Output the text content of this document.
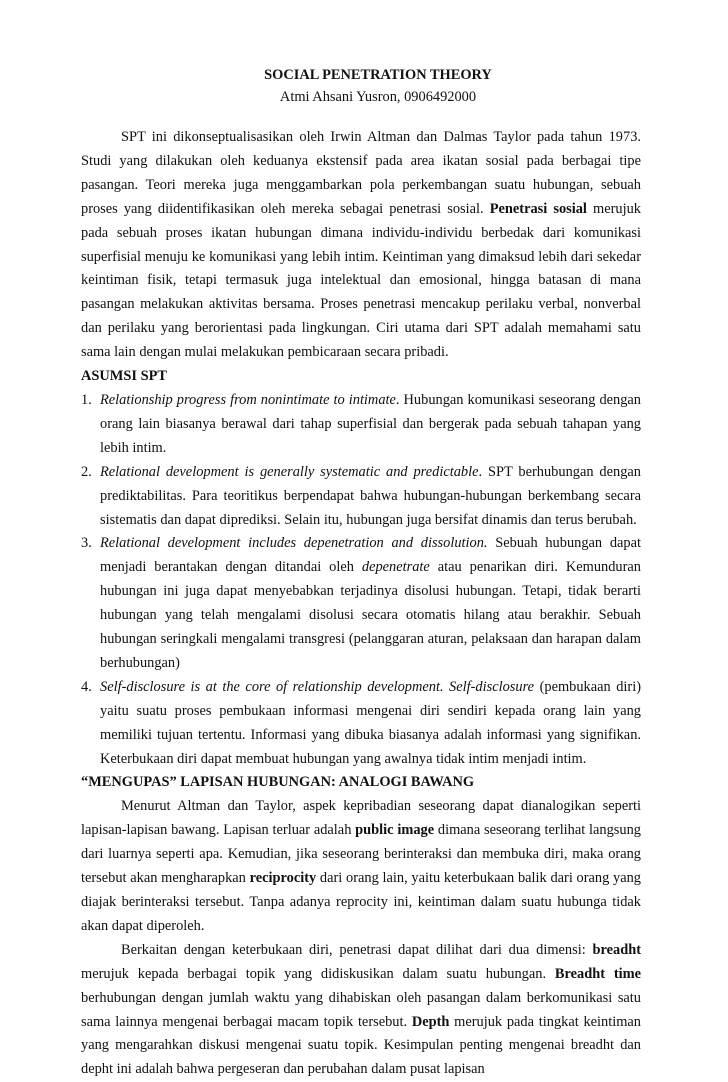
SOCIAL PENETRATION THEORY
Atmi Ahsani Yusron, 0906492000

SPT ini dikonseptualisasikan oleh Irwin Altman dan Dalmas Taylor pada tahun 1973. Studi yang dilakukan oleh keduanya ekstensif pada area ikatan sosial pada berbagai tipe pasangan. Teori mereka juga menggambarkan pola perkembangan suatu hubungan, sebuah proses yang diidentifikasikan oleh mereka sebagai penetrasi sosial. Penetrasi sosial merujuk pada sebuah proses ikatan hubungan dimana individu-individu berbedak dari komunikasi superfisial menuju ke komunikasi yang lebih intim. Keintiman yang dimaksud lebih dari sekedar keintiman fisik, tetapi termasuk juga intelektual dan emosional, hingga batasan di mana pasangan melakukan aktivitas bersama. Proses penetrasi mencakup perilaku verbal, nonverbal dan perilaku yang berorientasi pada lingkungan. Ciri utama dari SPT adalah memahami satu sama lain dengan mulai melakukan pembicaraan secara pribadi.

ASUMSI SPT
1. Relationship progress from nonintimate to intimate. Hubungan komunikasi seseorang dengan orang lain biasanya berawal dari tahap superfisial dan bergerak pada sebuah tahapan yang lebih intim.
2. Relational development is generally systematic and predictable. SPT berhubungan dengan prediktabilitas. Para teoritikus berpendapat bahwa hubungan-hubungan berkembang secara sistematis dan dapat diprediksi. Selain itu, hubungan juga bersifat dinamis dan terus berubah.
3. Relational development includes depenetration and dissolution. Sebuah hubungan dapat menjadi berantakan dengan ditandai oleh depenetrate atau penarikan diri. Kemunduran hubungan ini juga dapat menyebabkan terjadinya disolusi hubungan. Tetapi, tidak berarti hubungan yang telah mengalami disolusi secara otomatis hilang atau berakhir. Sebuah hubungan seringkali mengalami transgresi (pelanggaran aturan, pelaksaan dan harapan dalam berhubungan)
4. Self-disclosure is at the core of relationship development. Self-disclosure (pembukaan diri) yaitu suatu proses pembukaan informasi mengenai diri sendiri kepada orang lain yang memiliki tujuan tertentu. Informasi yang dibuka biasanya adalah informasi yang signifikan. Keterbukaan diri dapat membuat hubungan yang awalnya tidak intim menjadi intim.
“MENGUPAS” LAPISAN HUBUNGAN: ANALOGI BAWANG

Menurut Altman dan Taylor, aspek kepribadian seseorang dapat dianalogikan seperti lapisan-lapisan bawang. Lapisan terluar adalah public image dimana seseorang terlihat langsung dari luarnya seperti apa. Kemudian, jika seseorang berinteraksi dan membuka diri, maka orang tersebut akan mengharapkan reciprocity dari orang lain, yaitu keterbukaan balik dari orang yang diajak berinteraksi tersebut. Tanpa adanya reprocity ini, keintiman dalam suatu hubunga tidak akan dapat diperoleh.

Berkaitan dengan keterbukaan diri, penetrasi dapat dilihat dari dua dimensi: breadht merujuk kepada berbagai topik yang didiskusikan dalam suatu hubungan. Breadht time berhubungan dengan jumlah waktu yang dihabiskan oleh pasangan dalam berkomunikasi satu sama lainnya mengenai berbagai macam topik tersebut. Depth merujuk pada tingkat keintiman yang mengarahkan diskusi mengenai suatu topik. Kesimpulan penting mengenai breadht dan depht ini adalah bahwa pergeseran dan perubahan dalam pusat lapisan
